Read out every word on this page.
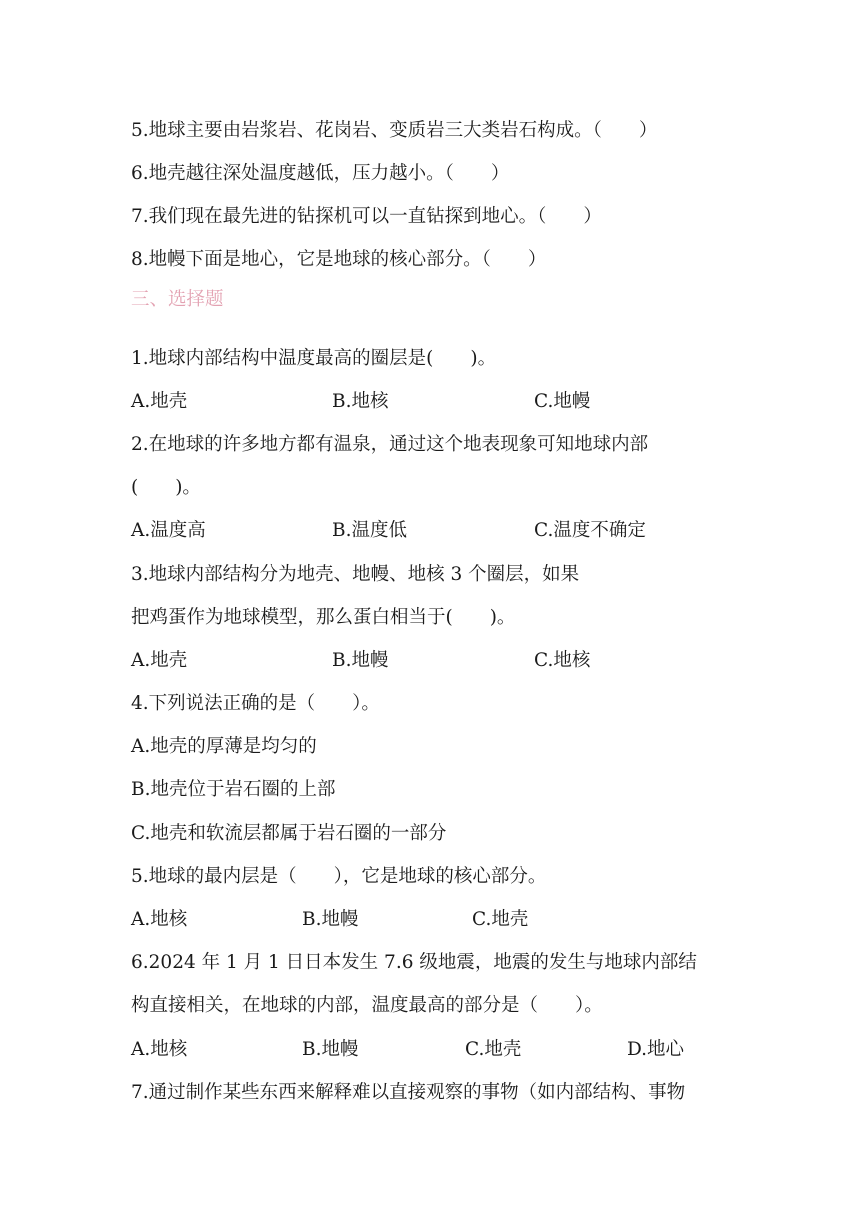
5.地球主要由岩浆岩、花岗岩、变质岩三大类岩石构成。（　　）
6.地壳越往深处温度越低，压力越小。（　　）
7.我们现在最先进的钻探机可以一直钻探到地心。（　　）
8.地幔下面是地心，它是地球的核心部分。（　　）
三、选择题
1.地球内部结构中温度最高的圈层是(　　)。
A.地壳	B.地核	C.地幔
2.在地球的许多地方都有温泉，通过这个地表现象可知地球内部
(　　)。
A.温度高	B.温度低	C.温度不确定
3.地球内部结构分为地壳、地幔、地核 3 个圈层，如果
把鸡蛋作为地球模型，那么蛋白相当于(　　)。
A.地壳	B.地幔	C.地核
4.下列说法正确的是（　　）。
A.地壳的厚薄是均匀的
B.地壳位于岩石圈的上部
C.地壳和软流层都属于岩石圈的一部分
5.地球的最内层是（　　），它是地球的核心部分。
A.地核	B.地幔	C.地壳
6.2024 年 1 月 1 日日本发生 7.6 级地震，地震的发生与地球内部结
构直接相关，在地球的内部，温度最高的部分是（　　）。
A.地核	B.地幔	C.地壳	D.地心
7.通过制作某些东西来解释难以直接观察的事物（如内部结构、事物
